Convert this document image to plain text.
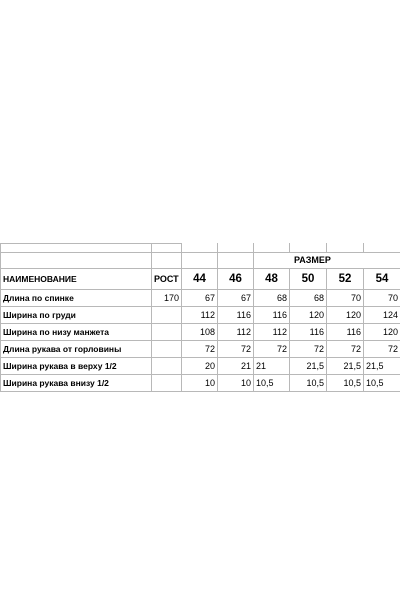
				РАЗМЕР			
НАИМЕНОВАНИЕ	РОСТ	44	46	48	50	52	54
Длина по спинке	170	67	67	68	68	70	70
Ширина по груди		112	116	116	120	120	124
Ширина по низу манжета		108	112	112	116	116	120
Длина рукава от горловины		72	72	72	72	72	72
Ширина рукава в верху 1/2		20	21	21	21,5	21,5	21,5
Ширина рукава внизу 1/2		10	10	10,5	10,5	10,5	10,5
